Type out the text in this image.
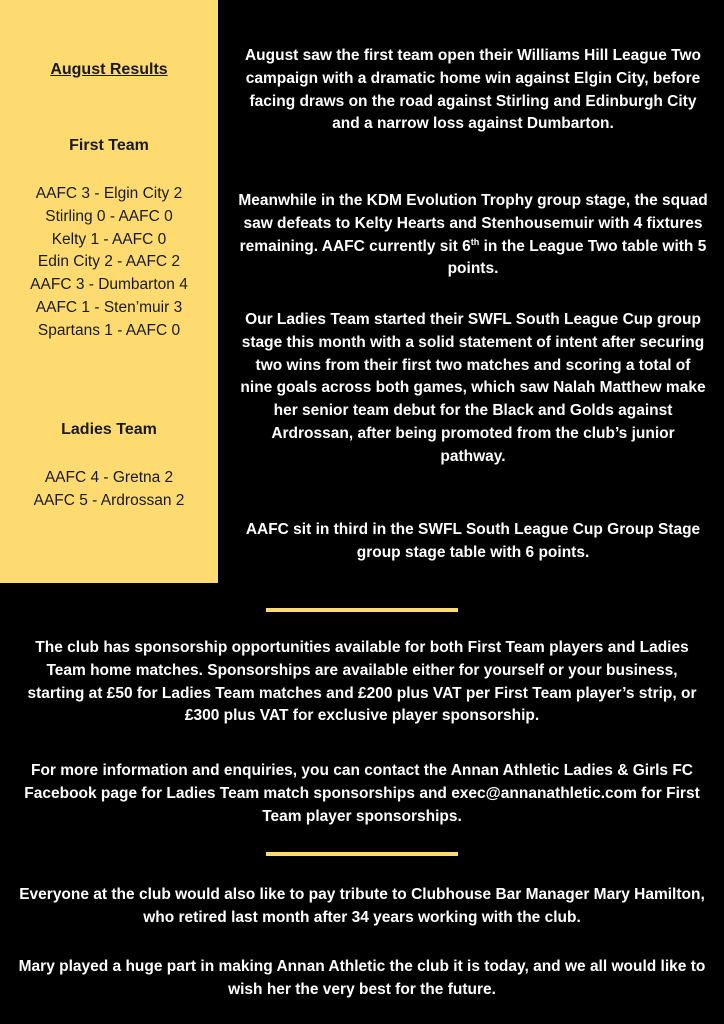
August Results
First Team
AAFC 3 - Elgin City 2
Stirling 0 - AAFC 0
Kelty 1 - AAFC 0
Edin City 2 - AAFC 2
AAFC 3 - Dumbarton 4
AAFC 1 - Sten’muir 3
Spartans 1 - AAFC 0
Ladies Team
AAFC 4 - Gretna 2
AAFC 5 - Ardrossan 2
August saw the first team open their Williams Hill League Two campaign with a dramatic home win against Elgin City, before facing draws on the road against Stirling and Edinburgh City and a narrow loss against Dumbarton.
Meanwhile in the KDM Evolution Trophy group stage, the squad saw defeats to Kelty Hearts and Stenhousemuir with 4 fixtures remaining. AAFC currently sit 6th in the League Two table with 5 points.
Our Ladies Team started their SWFL South League Cup group stage this month with a solid statement of intent after securing two wins from their first two matches and scoring a total of nine goals across both games, which saw Nalah Matthew make her senior team debut for the Black and Golds against Ardrossan, after being promoted from the club’s junior pathway.
AAFC sit in third in the SWFL South League Cup Group Stage group stage table with 6 points.
The club has sponsorship opportunities available for both First Team players and Ladies Team home matches. Sponsorships are available either for yourself or your business, starting at £50 for Ladies Team matches and £200 plus VAT per First Team player’s strip, or £300 plus VAT for exclusive player sponsorship.
For more information and enquiries, you can contact the Annan Athletic Ladies & Girls FC Facebook page for Ladies Team match sponsorships and exec@annanathletic.com for First Team player sponsorships.
Everyone at the club would also like to pay tribute to Clubhouse Bar Manager Mary Hamilton, who retired last month after 34 years working with the club.
Mary played a huge part in making Annan Athletic the club it is today, and we all would like to wish her the very best for the future.
